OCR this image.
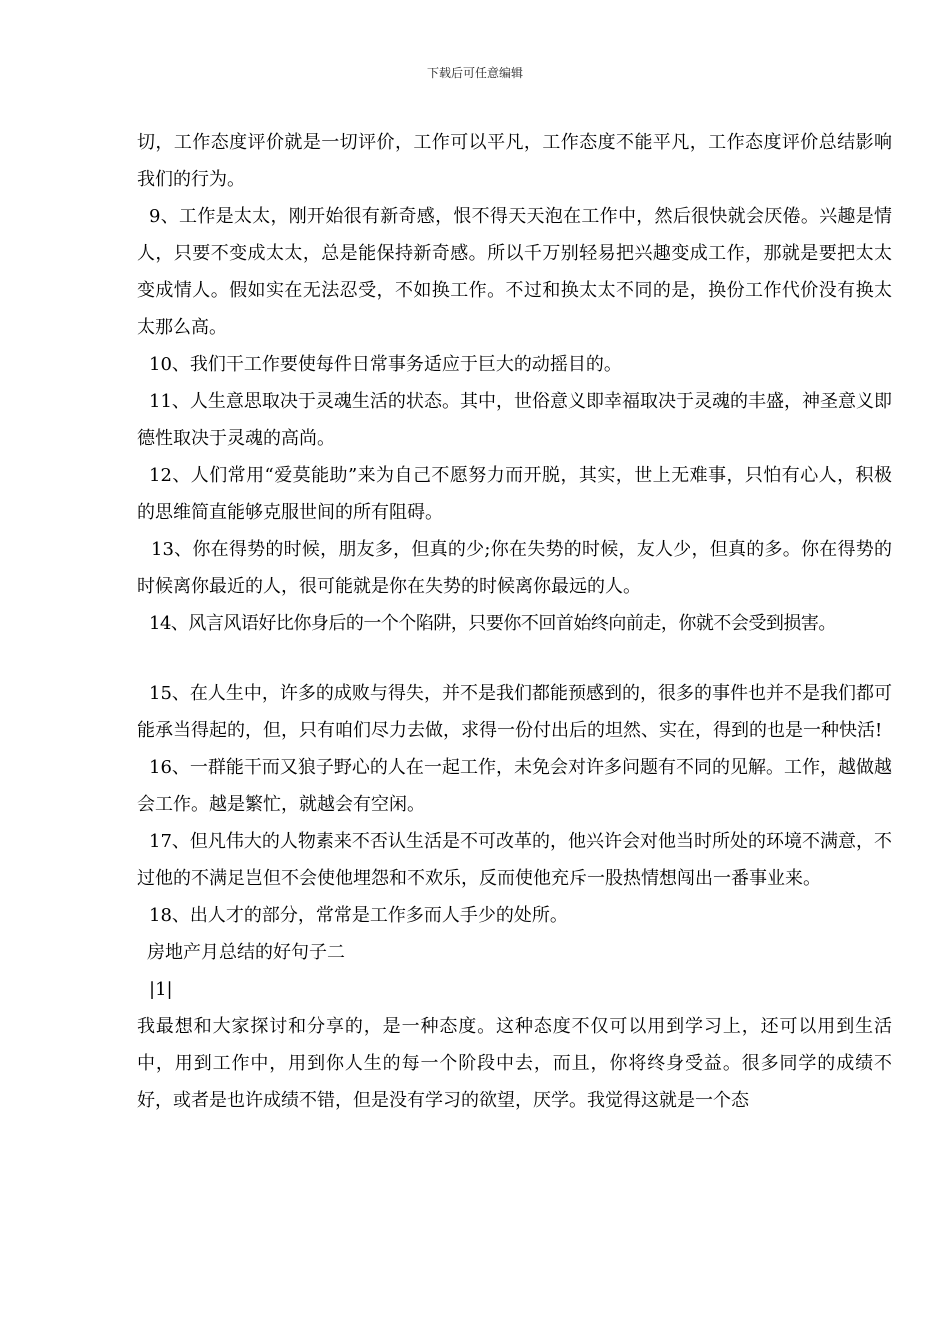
下载后可任意编辑

切，工作态度评价就是一切评价，工作可以平凡，工作态度不能平凡，工作态度评价总结影响我们的行为。

9、工作是太太，刚开始很有新奇感，恨不得天天泡在工作中，然后很快就会厌倦。兴趣是情人，只要不变成太太，总是能保持新奇感。所以千万别轻易把兴趣变成工作，那就是要把太太变成情人。假如实在无法忍受，不如换工作。不过和换太太不同的是，换份工作代价没有换太太那么高。

10、我们干工作要使每件日常事务适应于巨大的动摇目的。

11、人生意思取决于灵魂生活的状态。其中，世俗意义即幸福取决于灵魂的丰盛，神圣意义即德性取决于灵魂的高尚。

12、人们常用“爱莫能助”来为自己不愿努力而开脱，其实，世上无难事，只怕有心人，积极的思维简直能够克服世间的所有阻碍。

13、你在得势的时候，朋友多，但真的少;你在失势的时候，友人少，但真的多。你在得势的时候离你最近的人，很可能就是你在失势的时候离你最远的人。

14、风言风语好比你身后的一个个陷阱，只要你不回首始终向前走，你就不会受到损害。

15、在人生中，许多的成败与得失，并不是我们都能预感到的，很多的事件也并不是我们都可能承当得起的，但，只有咱们尽力去做，求得一份付出后的坦然、实在，得到的也是一种快活!

16、一群能干而又狼子野心的人在一起工作，未免会对许多问题有不同的见解。工作，越做越会工作。越是繁忙，就越会有空闲。

17、但凡伟大的人物素来不否认生活是不可改革的，他兴许会对他当时所处的环境不满意，不过他的不满足岂但不会使他埋怨和不欢乐，反而使他充斥一股热情想闯出一番事业来。

18、出人才的部分，常常是工作多而人手少的处所。

房地产月总结的好句子二

|1|

我最想和大家探讨和分享的，是一种态度。这种态度不仅可以用到学习上，还可以用到生活中，用到工作中，用到你人生的每一个阶段中去，而且，你将终身受益。很多同学的成绩不好，或者是也许成绩不错，但是没有学习的欲望，厌学。我觉得这就是一个态
